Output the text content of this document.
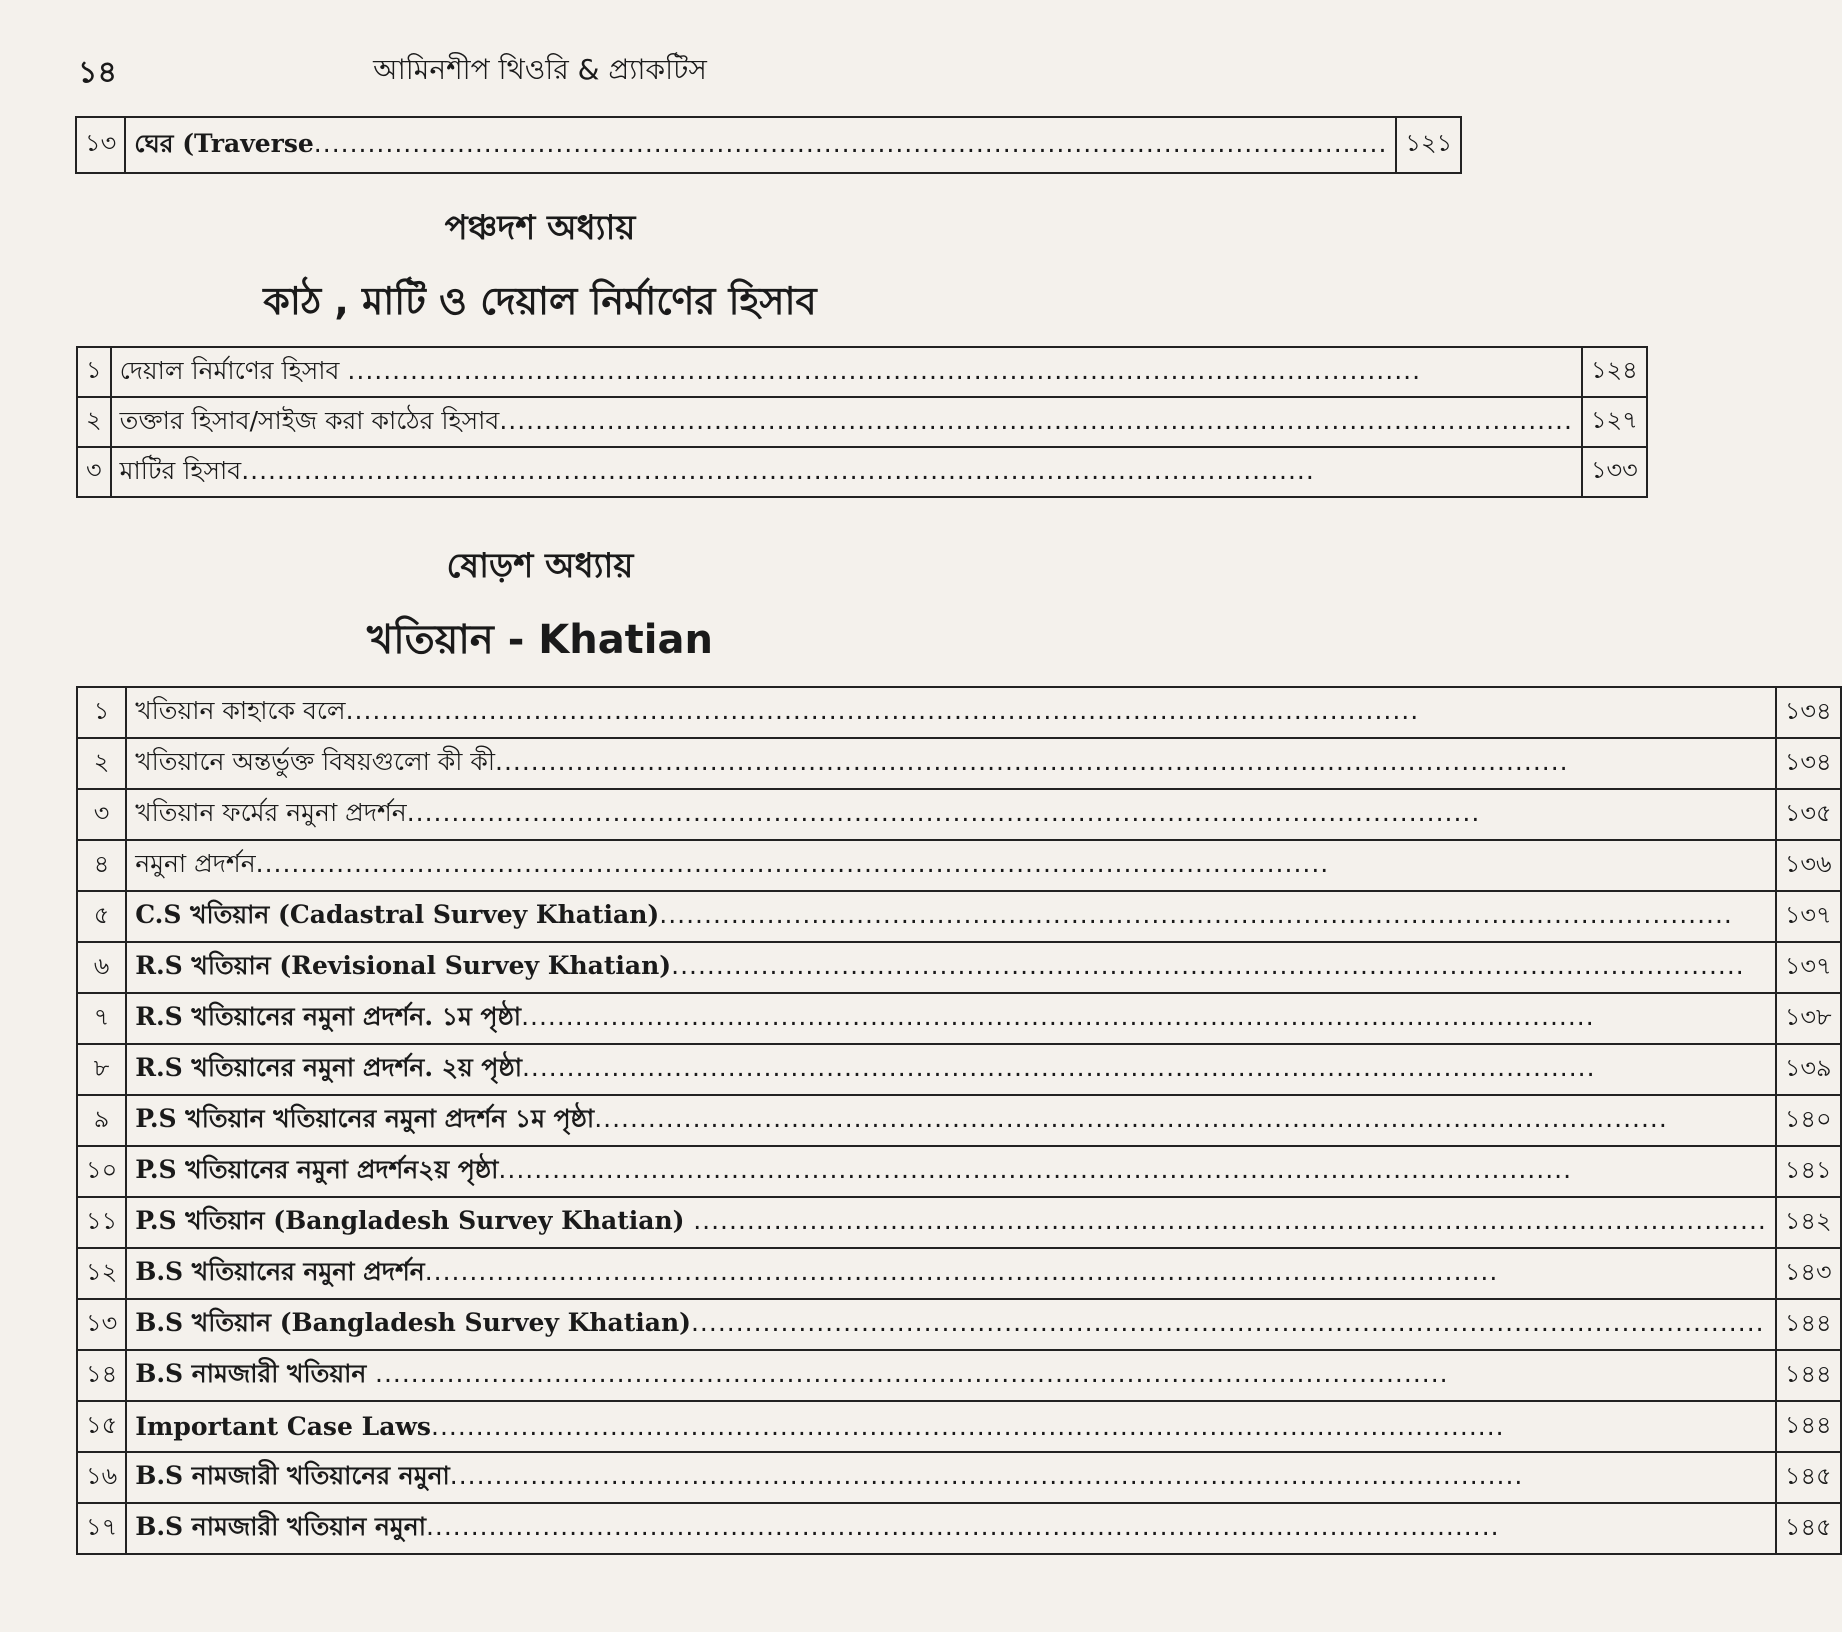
১৪	আমিনশীপ থিওরি & প্র্যাকটিস
১৩	ঘের (Traverse........................................................................................................................	১২১
পঞ্চদশ অধ্যায়
কাঠ , মাটি ও দেয়াল নির্মাণের হিসাব
১	দেয়াল নির্মাণের হিসাব ........................................................................................................................	১২৪
২	তক্তার হিসাব/সাইজ করা কাঠের হিসাব........................................................................................................................	১২৭
৩	মাটির হিসাব........................................................................................................................	১৩৩
ষোড়শ অধ্যায়
খতিয়ান - Khatian
১	খতিয়ান কাহাকে বলে........................................................................................................................	১৩৪
২	খতিয়ানে অন্তর্ভুক্ত বিষয়গুলো কী কী........................................................................................................................	১৩৪
৩	খতিয়ান ফর্মের নমুনা প্রদর্শন........................................................................................................................	১৩৫
৪	নমুনা প্রদর্শন........................................................................................................................	১৩৬
৫	C.S খতিয়ান (Cadastral Survey Khatian)........................................................................................................................	১৩৭
৬	R.S খতিয়ান (Revisional Survey Khatian)........................................................................................................................	১৩৭
৭	R.S খতিয়ানের নমুনা প্রদর্শন. ১ম পৃষ্ঠা........................................................................................................................	১৩৮
৮	R.S খতিয়ানের নমুনা প্রদর্শন. ২য় পৃষ্ঠা........................................................................................................................	১৩৯
৯	P.S খতিয়ান খতিয়ানের নমুনা প্রদর্শন ১ম পৃষ্ঠা........................................................................................................................	১৪০
১০	P.S খতিয়ানের নমুনা প্রদর্শন২য় পৃষ্ঠা........................................................................................................................	১৪১
১১	P.S খতিয়ান (Bangladesh Survey Khatian) ........................................................................................................................	১৪২
১২	B.S খতিয়ানের নমুনা প্রদর্শন........................................................................................................................	১৪৩
১৩	B.S খতিয়ান (Bangladesh Survey Khatian)........................................................................................................................	১৪৪
১৪	B.S নামজারী খতিয়ান ........................................................................................................................	১৪৪
১৫	Important Case Laws........................................................................................................................	১৪৪
১৬	B.S নামজারী খতিয়ানের নমুনা........................................................................................................................	১৪৫
১৭	B.S নামজারী খতিয়ান নমুনা........................................................................................................................	১৪৫
